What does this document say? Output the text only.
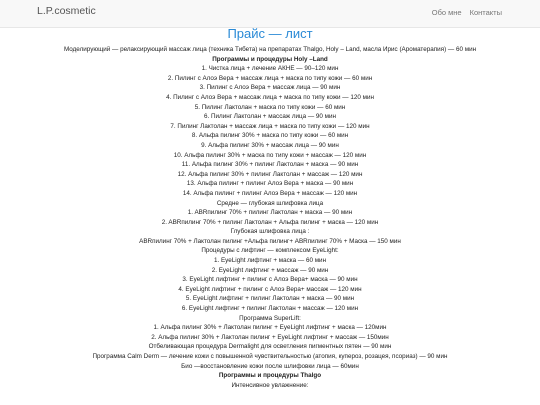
L.P.cosmetic	Обо мне Контакты
Прайс — лист
Моделирующий — релаксирующий массаж лица (техника Тибета) на препаратах Thalgo, Holy – Land, масла Ирис (Ароматерапия) — 60 мин
Программы и процедуры Holy –Land
1. Чистка лица + лечение АКНЕ — 90–120 мин
2. Пилинг с Алоэ Вера + массаж лица + маска по типу кожи — 60 мин
3. Пилинг с Алоэ Вера + массаж лица — 90 мин
4. Пилинг с Алоэ Вера + массаж лица + маска по типу кожи — 120 мин
5. Пилинг Лактолан + маска по типу кожи — 60 мин
6. Пилинг Лактолан + массаж лица — 90 мин
7. Пилинг Лактолан + массаж лица + маска по типу кожи — 120 мин
8. Альфа пилинг 30% + маска по типу кожи — 60 мин
9. Альфа пилинг 30% + массаж лица — 90 мин
10. Альфа пилинг 30% + маска по типу кожи + массаж — 120 мин
11. Альфа пилинг 30% + пилинг Лактолан + маска — 90 мин
12. Альфа пилинг 30% + пилинг Лактолан + массаж — 120 мин
13. Альфа пилинг + пилинг Алоэ Вера + маска — 90 мин
14. Альфа пилинг + пилинг Алоэ Вера + массаж — 120 мин
Средне — глубокая шлифовка лица
1. ABRпилинг 70% + пилинг Лактолан + маска — 90 мин
2. ABRпилинг 70% + пилинг Лактолан + Альфа пилинг + маска — 120 мин
Глубокая шлифовка лица :
ABRпилинг 70% + Лактолан пилинг +Альфа пилинг+ ABRпилинг 70% + Маска — 150 мин
Процедуры с лифтинг — комплексом EyeLight:
1. EyeLight лифтинг + маска — 60 мин
2. EyeLight лифтинг + массаж — 90 мин
3. EyeLight лифтинг + пилинг с Алоэ Вера+ маска — 90 мин
4. EyeLight лифтинг + пилинг с Алоэ Вера+ массаж — 120 мин
5. EyeLight лифтинг + пилинг Лактолан + маска — 90 мин
6. EyeLight лифтинг + пилинг Лактолан + массаж — 120 мин
Программа SuperLift:
1. Альфа пилинг 30% + Лактолан пилинг + EyeLight лифтинг + маска — 120мин
2. Альфа пилинг 30% + Лактолан пилинг + EyeLight лифтинг + массаж — 150мин
Отбеливающая процедура Dermalight для осветления пигментных пятен — 90 мин
Программа Calm Derm — лечение кожи с повышенной чувствительностью (атопия, купероз, розацея, псориаз) — 90 мин
Био —восстановление кожи после шлифовки лица — 60мин
Программы и процедуры Thalgo
Интенсивное увлажнение:
